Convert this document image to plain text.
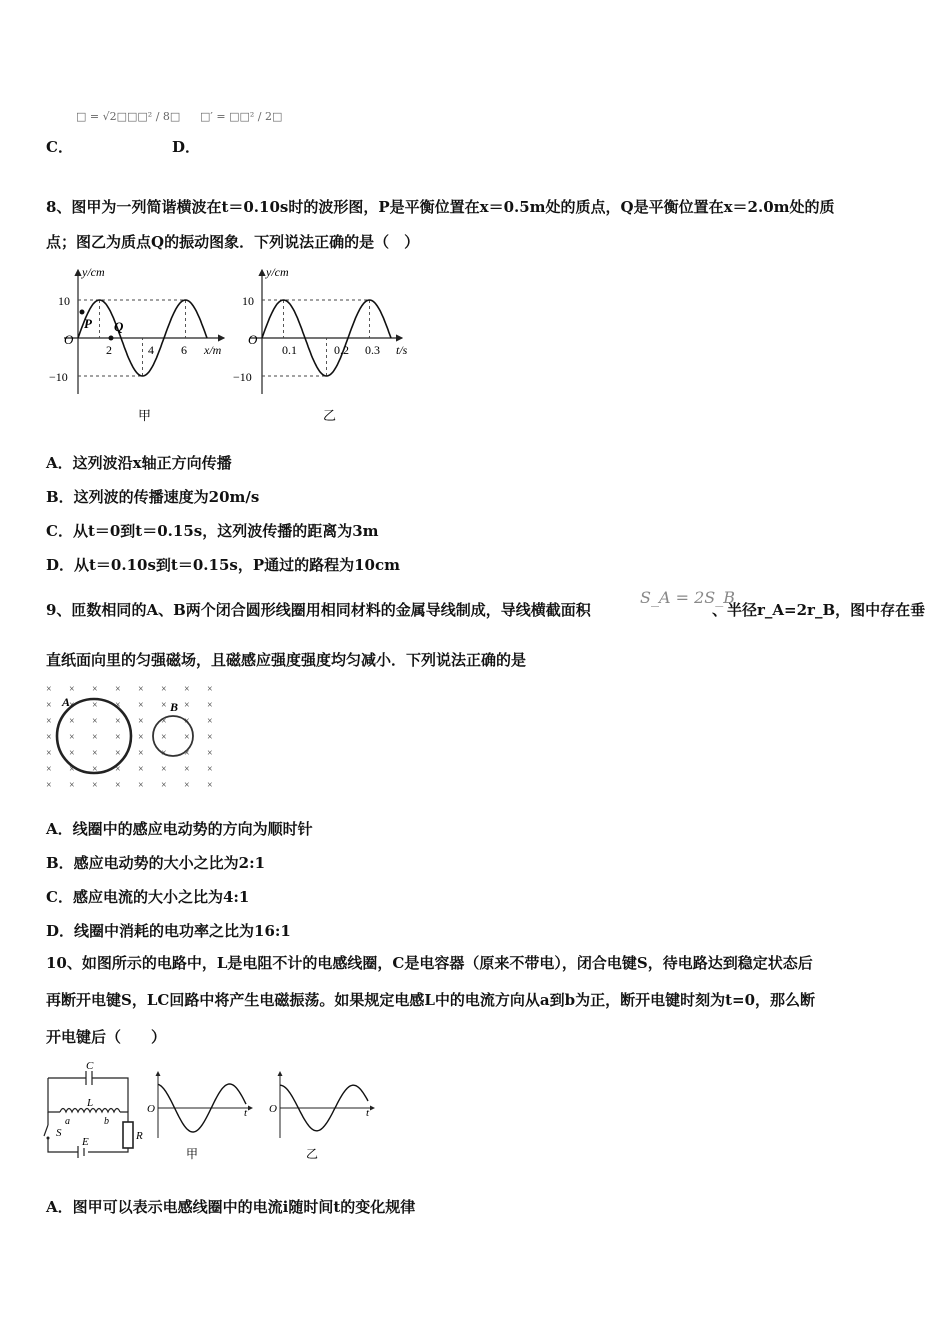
C．
□ = √2□□□² / 8□
D．
□′ = □□² / 2□
8、图甲为一列简谐横波在t＝0.10s时的波形图，P是平衡位置在x＝0.5m处的质点，Q是平衡位置在x＝2.0m处的质
点；图乙为质点Q的振动图象．下列说法正确的是（　）
y/cm
x/m
O
10
−10
2	4 6
P Q
甲
y/cm
t/s
O
10
−10
0.1	0.2 0.3
乙
A．这列波沿x轴正方向传播
B．这列波的传播速度为20m/s
C．从t＝0到t＝0.15s，这列波传播的距离为3m
D．从t＝0.10s到t＝0.15s，P通过的路程为10cm
9、匝数相同的A、B两个闭合圆形线圈用相同材料的金属导线制成，导线横截面积
S_A = 2S_B
、半径r_A=2r_B，图中存在垂
直纸面向里的匀强磁场，且磁感应强度强度均匀减小．下列说法正确的是
× × × × × × × ×
× × × × × × × ×
× × × × × × × ×
× × × × × × × ×
× × × × × × × ×
× × × × × × × ×
× × × × × × × ×
A	B
A．线圈中的感应电动势的方向为顺时针
B．感应电动势的大小之比为2:1
C．感应电流的大小之比为4:1
D．线圈中消耗的电功率之比为16:1
10、如图所示的电路中，L是电阻不计的电感线圈，C是电容器（原来不带电），闭合电键S，待电路达到稳定状态后
再断开电键S，LC回路中将产生电磁振荡。如果规定电感L中的电流方向从a到b为正，断开电键时刻为t=0，那么断
开电键后（　　）
C
L
a	b
S
E	R
O	t
甲
O	t
乙
A．图甲可以表示电感线圈中的电流i随时间t的变化规律
